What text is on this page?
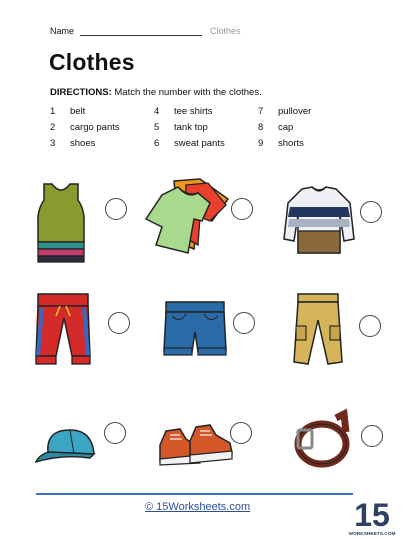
Name	Clothes
Clothes
DIRECTIONS: Match the number with the clothes.
1 belt
2 cargo pants
3 shoes
4 tee shirts
5 tank top
6 sweat pants
7 pullover
8 cap
9 shorts
© 15Worksheets.com	15
WORKSHEETS.COM
